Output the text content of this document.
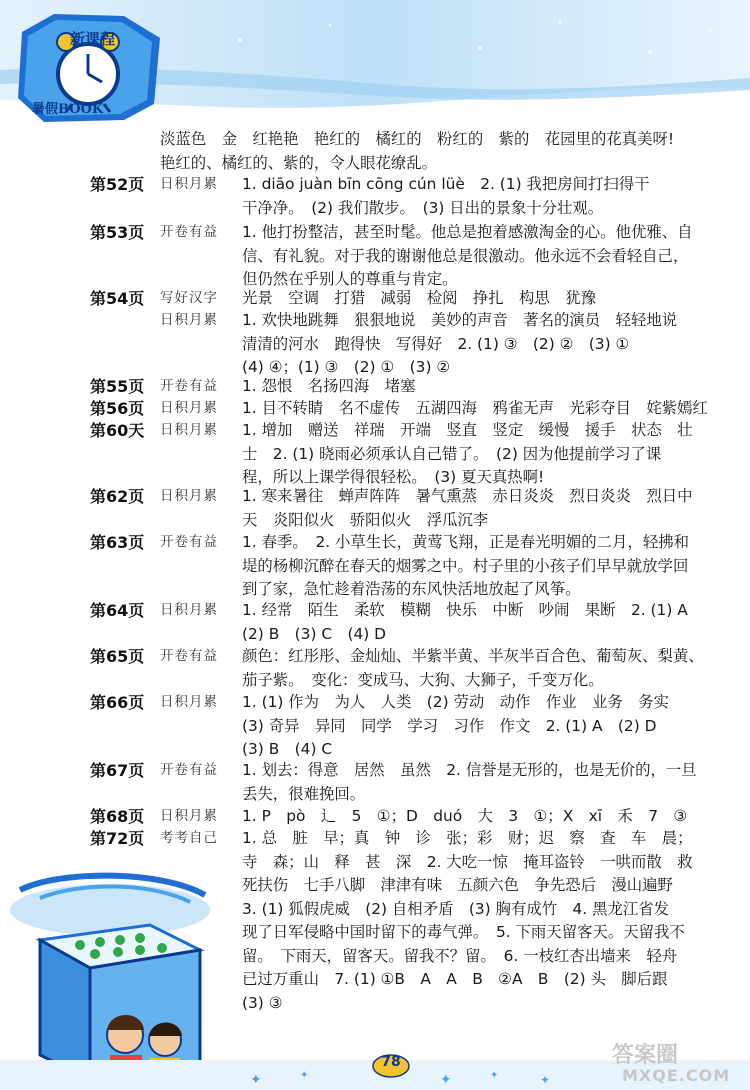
新课程
暑假BOOK
淡蓝色　金　红艳艳　艳红的　橘红的　粉红的　紫的　花园里的花真美呀!
艳红的、橘红的、紫的，令人眼花缭乱。
第52页	日积月累	1. diāo juàn bīn cōng cún lüè　2. (1) 我把房间打扫得干
干净净。　(2) 我们散步。　(3) 日出的景象十分壮观。
第53页	开卷有益	1. 他打扮整洁，甚至时髦。他总是抱着感激淘金的心。他优雅、自
信、有礼貌。对于我的谢谢他总是很激动。他永远不会看轻自己，
但仍然在乎别人的尊重与肯定。
第54页	写好汉字	光景　空调　打猎　减弱　检阅　挣扎　构思　犹豫
日积月累	1. 欢快地跳舞　狠狠地说　美妙的声音　著名的演员　轻轻地说
清清的河水　跑得快　写得好　2. (1) ③　(2) ②　(3) ①
(4) ④；(1) ③　(2) ①　(3) ②
第55页	开卷有益	1. 怨恨　名扬四海　堵塞
第56页	日积月累	1. 目不转睛　名不虚传　五湖四海　鸦雀无声　光彩夺目　姹紫嫣红
第60天	日积月累	1. 增加　赠送　祥瑞　开端　竖直　竖定　缓慢　援手　状态　壮
士　2. (1) 晓雨必须承认自己错了。　(2) 因为他提前学习了课
程，所以上课学得很轻松。　(3) 夏天真热啊!
第62页	日积月累	1. 寒来暑往　蝉声阵阵　暑气熏蒸　赤日炎炎　烈日炎炎　烈日中
天　炎阳似火　骄阳似火　浮瓜沉李
第63页	开卷有益	1. 春季。　2. 小草生长，黄莺飞翔，正是春光明媚的二月，轻拂和
堤的杨柳沉醉在春天的烟雾之中。村子里的小孩子们早早就放学回
到了家，急忙趁着浩荡的东风快活地放起了风筝。
第64页	日积月累	1. 经常　陌生　柔软　模糊　快乐　中断　吵闹　果断　2. (1) A
(2) B　(3) C　(4) D
第65页	开卷有益	颜色：红彤彤、金灿灿、半紫半黄、半灰半百合色、葡萄灰、梨黄、
茄子紫。　变化：变成马、大狗、大狮子，千变万化。
第66页	日积月累	1. (1) 作为　为人　人类　(2) 劳动　动作　作业　业务　务实
(3) 奇异　异同　同学　学习　习作　作文　2. (1) A　(2) D
(3) B　(4) C
第67页	开卷有益	1. 划去：得意　居然　虽然　2. 信誉是无形的，也是无价的，一旦
丢失，很难挽回。
第68页	日积月累	1. P　pò　辶　5　①；D　duó　大　3　①；X　xī　禾　7　③
第72页	考考自己	1. 总　脏　早；真　钟　诊　张；彩　财；迟　察　查　车　晨；
寺　森；山　释　甚　深　2. 大吃一惊　掩耳盗铃　一哄而散　救
死扶伤　七手八脚　津津有味　五颜六色　争先恐后　漫山遍野
3. (1) 狐假虎威　(2) 自相矛盾　(3) 胸有成竹　4. 黑龙江省发
现了日军侵略中国时留下的毒气弹。　5. 下雨天留客天。天留我不
留。　下雨天，留客天。留我不？留。　6. 一枝红杏出墙来　轻舟
已过万重山　7. (1) ①B　A　A　B　②A　B　(2) 头　脚后跟
(3) ③
✦	✦	✦	✦	✦
78	答案圈
MXQE.COM
